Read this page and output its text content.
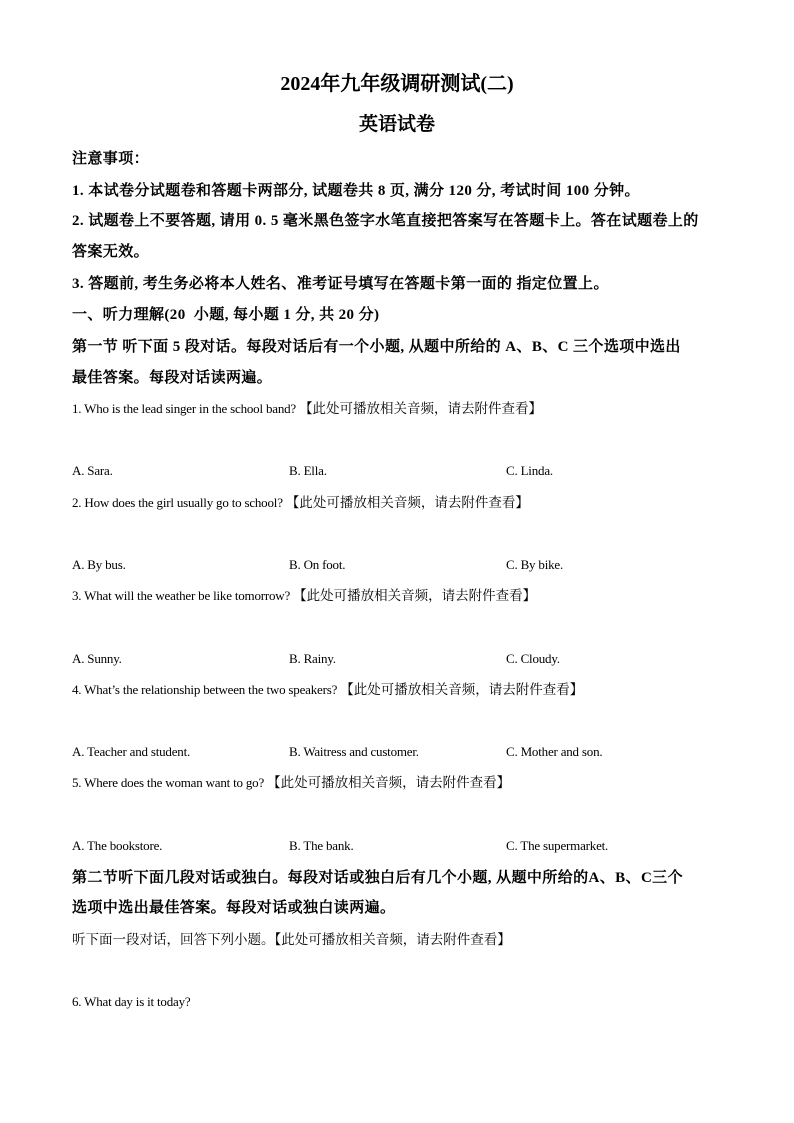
2024年九年级调研测试(二)
英语试卷
注意事项：
1. 本试卷分试题卷和答题卡两部分, 试题卷共 8 页, 满分 120 分, 考试时间 100 分钟。
2. 试题卷上不要答题, 请用 0. 5 毫米黑色签字水笔直接把答案写在答题卡上。答在试题卷上的
答案无效。
3. 答题前, 考生务必将本人姓名、准考证号填写在答题卡第一面的 指定位置上。
一、听力理解(20  小题, 每小题 1 分, 共 20 分)
第一节 听下面 5 段对话。每段对话后有一个小题, 从题中所给的 A、B、C 三个选项中选出
最佳答案。每段对话读两遍。
1. Who is the lead singer in the school band? 【此处可播放相关音频，请去附件查看】
A. Sara.	B. Ella.	C. Linda.
2. How does the girl usually go to school? 【此处可播放相关音频，请去附件查看】
A. By bus.	B. On foot.	C. By bike.
3. What will the weather be like tomorrow? 【此处可播放相关音频，请去附件查看】
A. Sunny.	B. Rainy.	C. Cloudy.
4. What’s the relationship between the two speakers? 【此处可播放相关音频，请去附件查看】
A. Teacher and student.	B. Waitress and customer.	C. Mother and son.
5. Where does the woman want to go? 【此处可播放相关音频，请去附件查看】
A. The bookstore.	B. The bank.	C. The supermarket.
第二节听下面几段对话或独白。每段对话或独白后有几个小题, 从题中所给的A、B、C三个
选项中选出最佳答案。每段对话或独白读两遍。
听下面一段对话，回答下列小题。【此处可播放相关音频，请去附件查看】
6. What day is it today?
